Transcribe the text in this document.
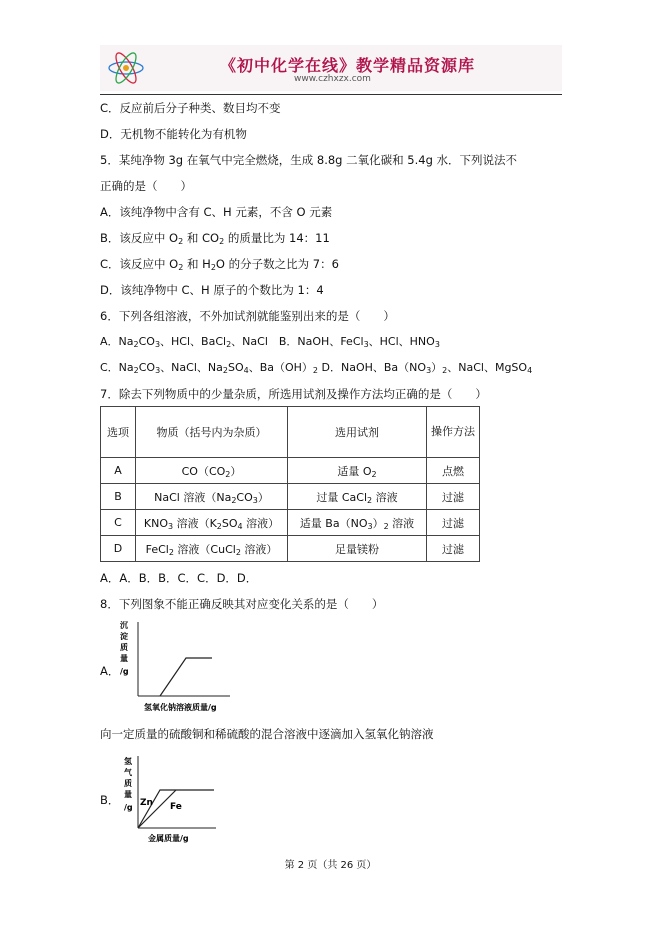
《初中化学在线》教学精品资源库
www.czhxzx.com
C．反应前后分子种类、数目均不变
D．无机物不能转化为有机物
5．某纯净物 3g 在氧气中完全燃烧，生成 8.8g 二氧化碳和 5.4g 水．下列说法不
正确的是（　　）
A．该纯净物中含有 C、H 元素，不含 O 元素
B．该反应中 $O_2$ 和 $CO_2$ 的质量比为 14：11
C．该反应中 $O_2$ 和 $H_2O$ 的分子数之比为 7：6
D．该纯净物中 C、H 原子的个数比为 1：4
6．下列各组溶液，不外加试剂就能鉴别出来的是（　　）
A．$Na_2CO_3$、HCl、BaCl$_2$、NaCl　B．NaOH、FeCl$_3$、HCl、$HNO_3$
C．$Na_2CO_3$、NaCl、$Na_2SO_4$、$Ba(OH)_2$ D．NaOH、$Ba(NO_3)_2$、NaCl、MgSO$_4$
7．除去下列物质中的少量杂质，所选用试剂及操作方法均正确的是（　　）
选项	物质（括号内为杂质）	选用试剂	操作方法
A	$CO(CO_2)$	适量 $O_2$	点燃
B	NaCl 溶液$(Na_2CO_3)$	过量 CaCl$_2$ 溶液	过滤
C	$KNO_3$ 溶液（$K_2SO_4$ 溶液）	适量 $Ba(NO_3)_2$ 溶液	过滤
D	FeCl$_2$ 溶液（CuCl$_2$ 溶液）	足量镁粉	过滤
A．A．B．B．C．C．D．D．
8．下列图象不能正确反映其对应变化关系的是（　　）
A．
沉
淀
质
量
/g
氢氧化钠溶液质量/g
向一定质量的硫酸铜和稀硫酸的混合溶液中逐滴加入氢氧化钠溶液
B．
氢
气
质
量
/g Zn Fe
金属质量/g
第 2 页（共 26 页）
